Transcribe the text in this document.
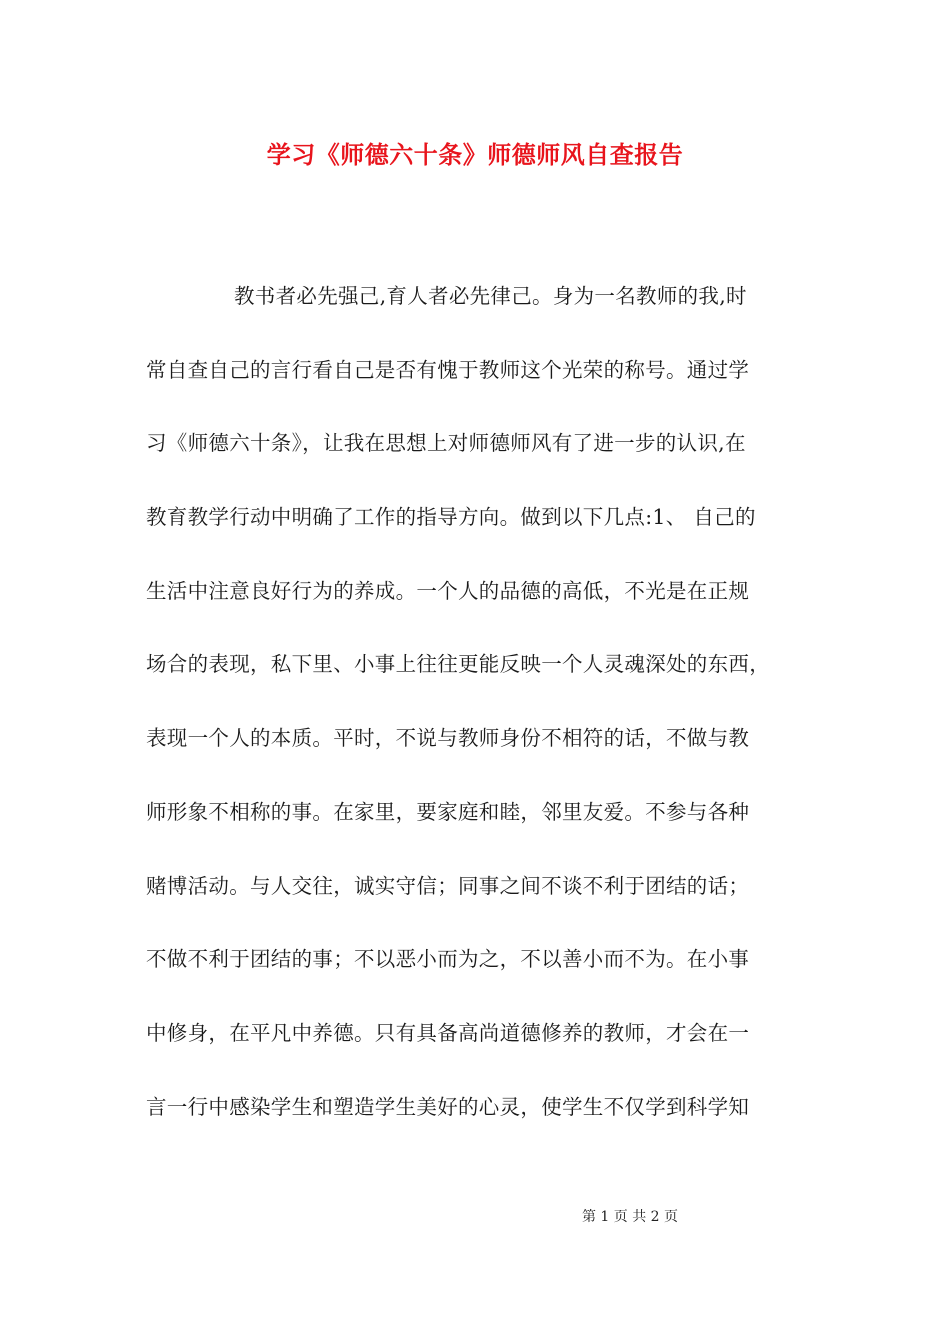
学习《师德六十条》师德师风自查报告
教书者必先强己,育人者必先律己。身为一名教师的我,时
常自查自己的言行看自己是否有愧于教师这个光荣的称号。通过学
习《师德六十条》，让我在思想上对师德师风有了进一步的认识,在
教育教学行动中明确了工作的指导方向。做到以下几点:1、 自己的
生活中注意良好行为的养成。一个人的品德的高低，不光是在正规
场合的表现，私下里、小事上往往更能反映一个人灵魂深处的东西，
表现一个人的本质。平时，不说与教师身份不相符的话，不做与教
师形象不相称的事。在家里，要家庭和睦，邻里友爱。不参与各种
赌博活动。与人交往，诚实守信；同事之间不谈不利于团结的话；
不做不利于团结的事；不以恶小而为之，不以善小而不为。在小事
中修身，在平凡中养德。只有具备高尚道德修养的教师，才会在一
言一行中感染学生和塑造学生美好的心灵，使学生不仅学到科学知
第 1 页 共 2 页
